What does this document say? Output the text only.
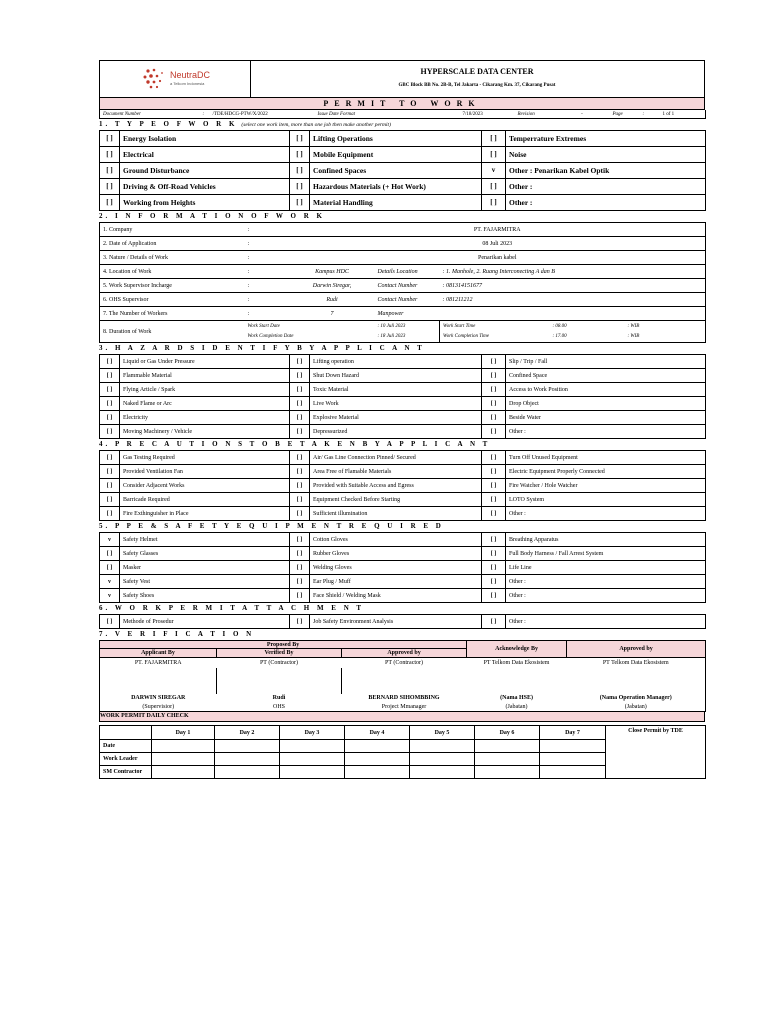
NeutraDC
a Telkom Indonesia
HYPERSCALE DATA CENTER
GBC Block BB No. 2B-B, Tel Jakarta - Cikarang Km. 37, Cikarang Pusat
PERMIT TO WORK
Document Number	:	/TDE/HDCG-PTW/X/2022	Issue Date Format		7/18/2023	Revision	-	Page	:	1 of 1
1. T Y P E O F W O R K (select one work item, more than one job then make another permit)
[ ]	Energy Isolation	[ ]	Lifting Operations	[ ]	Temperrature Extremes
[ ]	Electrical	[ ]	Mobile Equipment	[ ]	Noise
[ ]	Ground Disturbance	[ ]	Confined Spaces	v	Other : Penarikan Kabel Optik
[ ]	Driving & Off-Road Vehicles	[ ]	Hazardous Materials (+ Hot Work)	[ ]	Other :
[ ]	Working from Heights	[ ]	Material Handling	[ ]	Other :
2. I N F O R M A T I O N O F W O R K
1. Company	:	PT. FAJARMITRA				
2. Date of Application	:	08 Juli 2023				
3. Nature / Details of Work	:	Penarikan kabel				
4. Location of Work	:	Kampus HDC	Details Location	: 1. Manhole, 2. Ruang Interconecting A dan B		
5. Work Supervisor Incharge	:	Darwin Siregar,	Contact Number	: 081314151677		
6. OHS Supervisor	:	Rudi	Contact Number	: 081211212		
7. The Number of Workers	:	7	Manpower			
8. Duration of Work	Work Start Date		: 10 Juli 2023	Work Start Time	: 08.00	: WIB
	Work Completion Date		: 18 Juli 2023	Work Completion Time	: 17.00	: WIB
3. H A Z A R D S I D E N T I F Y B Y A P P L I C A N T
[ ]	Liquid or Gas Under Pressure	[ ]	Lifting operation	[ ]	Slip / Trip / Fall
[ ]	Flammable Material	[ ]	Shut Down Hazard	[ ]	Confined Space
[ ]	Flying Article / Spark	[ ]	Toxic Material	[ ]	Access to Work Position
[ ]	Naked Flame or Arc	[ ]	Live Work	[ ]	Drop Object
[ ]	Electricity	[ ]	Explosive Material	[ ]	Beside Water
[ ]	Moving Machinery / Vehicle	[ ]	Depressurized	[ ]	Other :
4. P R E C A U T I O N S T O B E T A K E N B Y A P P L I C A N T
[ ]	Gas Testing Required	[ ]	Air/ Gas Line Connection Pinned/ Secured	[ ]	Turn Off Unused Equipment
[ ]	Provided Ventilation Fan	[ ]	Area Free of Flamable Materials	[ ]	Electric Equipment Properly Connected
[ ]	Consider Adjacent Works	[ ]	Provided with Suitable Access and Egress	[ ]	Fire Watcher / Hole Watcher
[ ]	Barricade Required	[ ]	Equipment Checked Before Starting	[ ]	LOTO System
[ ]	Fire Exthinguisher in Place	[ ]	Sufficient illumination	[ ]	Other :
5. P P E & S A F E T Y E Q U I P M E N T R E Q U I R E D
v	Safety Helmet	[ ]	Cotton Gloves	[ ]	Breathing Apparatus
[ ]	Safety Glasses	[ ]	Rubber Gloves	[ ]	Full Body Harness / Fall Arrest System
[ ]	Masker	[ ]	Welding Gloves	[ ]	Life Line
v	Safety Vest	[ ]	Ear Plug / Muff	[ ]	Other :
v	Safety Shoes	[ ]	Face Shield / Welding Mask	[ ]	Other :
6. W O R K P E R M I T A T T A C H M E N T
[ ]	Methode of Prosedur	[ ]	Job Safety Environment Analysis	[ ]	Other :
7. V E R I F I C A T I O N
Proposed By			Acknowledge By	Approved by
Applicant By	Verified By	Approved by		
PT. FAJARMITRA	PT (Contractor)	PT (Contractor)	PT Telkom Data Ekosistem	PT Telkom Data Ekosistem

DARWIN SIREGAR	Rudi	BERNARD SIHOMBBING	(Nama HSE)	(Nama Operation Manager)
(Supervisior)	OHS	Project Mmanager	(Jabatan)	(Jabatan)
WORK PERMIT DAILY CHECK
	Day 1	Day 2	Day 3	Day 4	Day 5	Day 6	Day 7	Close Permit by TDE
Date								
Work Leader								
SM Contractor								
